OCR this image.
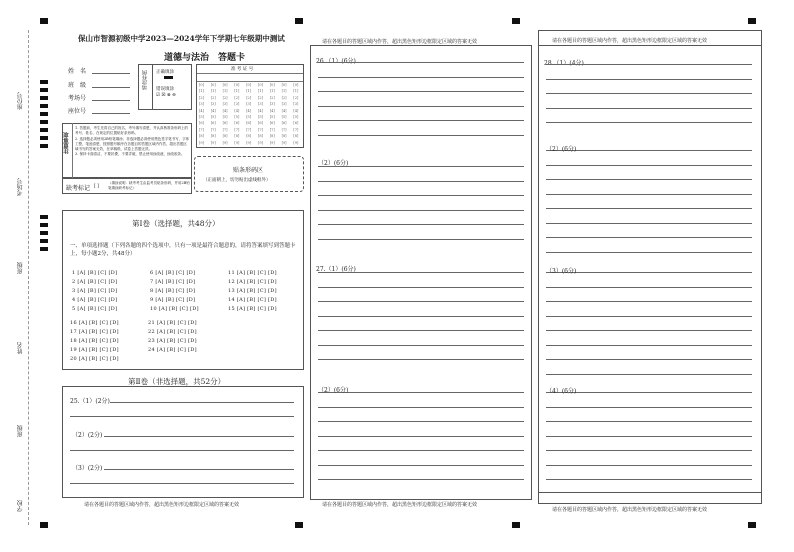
座位号
考场号
班级
姓名
班级
学校
保山市智源初级中学2023—2024学年下学期七年级期中测试
道德与法治　答题卡
姓　名
班　级
考场号
座位号
填涂样例 正确填涂
错误填涂
☑ ☒ ⊗ ⊖
准 考 证 号
[0]
[1]
[2]
[3]
[4]
[5]
[6]
[7]
[8]
[9]
[0]
[1]
[2]
[3]
[4]
[5]
[6]
[7]
[8]
[9]
[0]
[1]
[2]
[3]
[4]
[5]
[6]
[7]
[8]
[9]
[0]
[1]
[2]
[3]
[4]
[5]
[6]
[7]
[8]
[9]
[0]
[1]
[2]
[3]
[4]
[5]
[6]
[7]
[8]
[9]
[0]
[1]
[2]
[3]
[4]
[5]
[6]
[7]
[8]
[9]
[0]
[1]
[2]
[3]
[4]
[5]
[6]
[7]
[8]
[9]
[0]
[1]
[2]
[3]
[4]
[5]
[6]
[7]
[8]
[9]
[0]
[1]
[2]
[3]
[4]
[5]
[6]
[7]
[8]
[9]
注意事项
1. 答题前，考生先将自己的姓名、考号填写清楚，并认真核准条形码上的考号、姓名、在规定的位置贴好条形码。
2. 选择题必须使用2B铅笔填涂；非选择题必须使用黑色签字笔书写，字体工整，笔迹清楚，按照题号顺序在各题目的答题区域内作答，超出答题区域书写的答案无效，在草稿纸、试卷上答题无效。
3. 保持卡面清洁，不要折叠，不要弄破，禁止使用涂改液，涂改胶条。
缺考标记 [ ]
（填涂说明：缺考考生由监考员贴条形码，并用2B铅笔填涂缺考标记）
贴条形码区
（正面朝上，切勿贴出虚线框外）
第Ⅰ卷（选择题，共48分）
一、单项选择题（下列各题的四个选项中，只有一项是最符合题意的，请将答案填写到答题卡上，每小题2分，共48分）
1 [A] [B] [C] [D]
2 [A] [B] [C] [D]
3 [A] [B] [C] [D]
4 [A] [B] [C] [D]
5 [A] [B] [C] [D]
6 [A] [B] [C] [D]
7 [A] [B] [C] [D]
8 [A] [B] [C] [D]
9 [A] [B] [C] [D]
10 [A] [B] [C] [D]
11 [A] [B] [C] [D]
12 [A] [B] [C] [D]
13 [A] [B] [C] [D]
14 [A] [B] [C] [D]
15 [A] [B] [C] [D]
16 [A] [B] [C] [D]
17 [A] [B] [C] [D]
18 [A] [B] [C] [D]
19 [A] [B] [C] [D]
20 [A] [B] [C] [D]
21 [A] [B] [C] [D]
22 [A] [B] [C] [D]
23 [A] [B] [C] [D]
24 [A] [B] [C] [D]
第Ⅱ卷（非选择题，共52分）
25.（1）(2分)
（2）(2分)
（3）(2分)
请在各题目的答题区域内作答，超出黑色矩形边框限定区域的答案无效
请在各题目的答题区域内作答，超出黑色矩形边框限定区域的答案无效
26.（1）(6分)
（2）(6分)
27.（1）(6分)
（2）(6分)
请在各题目的答题区域内作答，超出黑色矩形边框限定区域的答案无效
请在各题目的答题区域内作答，超出黑色矩形边框限定区域的答案无效
28.（1）(4分)
（2）(6分)
（3）(6分)
（4）(6分)
请在各题目的答题区域内作答，超出黑色矩形边框限定区域的答案无效
